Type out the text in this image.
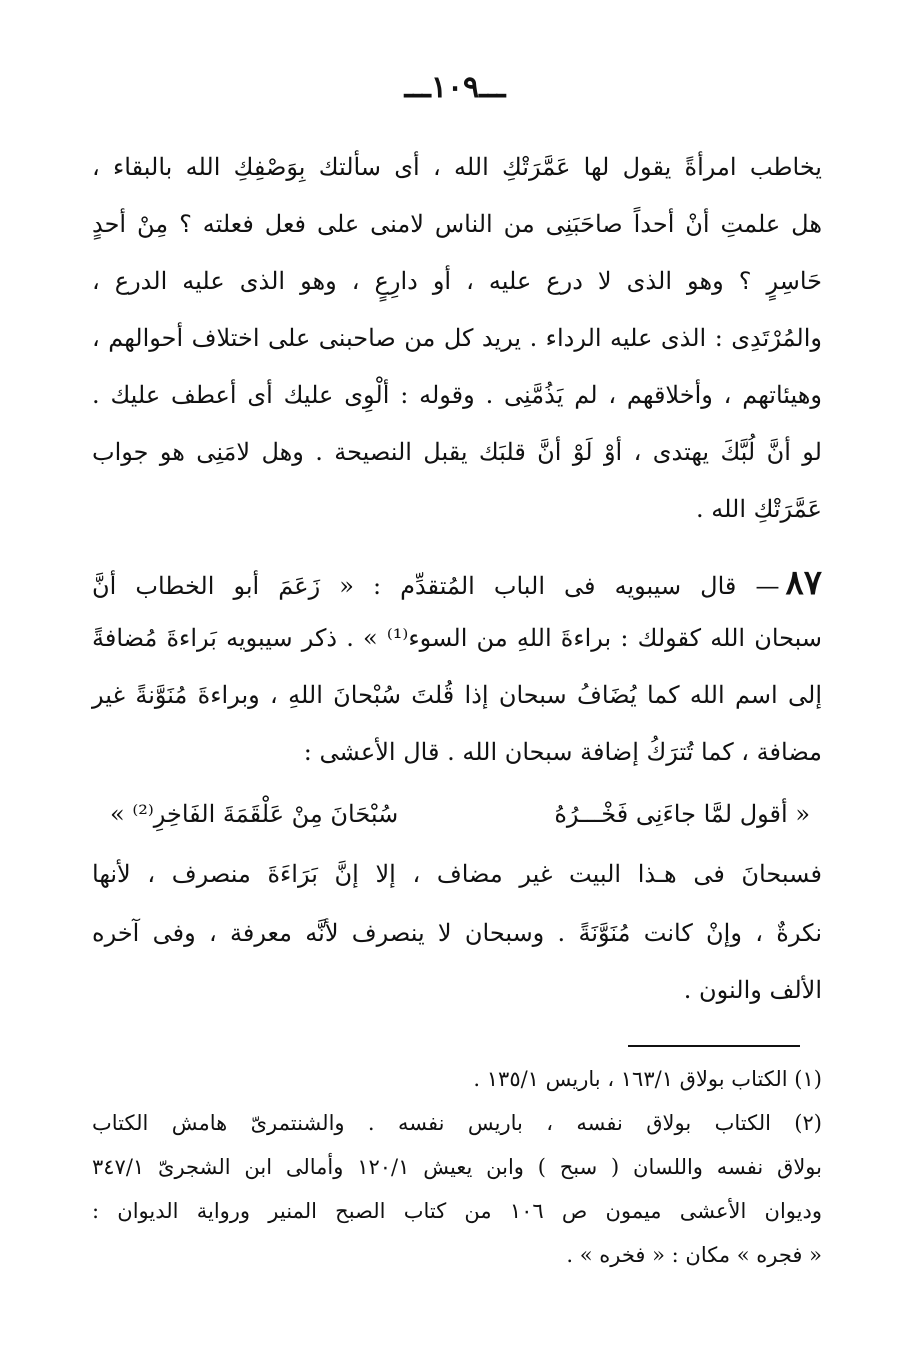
ـــ١٠٩ـــ
يخاطب امرأةً يقول لها عَمَّرَتْكِ الله ، أى سألتك بِوَصْفِكِ الله بالبقاء ،
هل علمتِ أنْ أحداً صاحَبَنِى من الناس لامنى على فعل فعلته ؟ مِنْ أحدٍ
حَاسِرٍ ؟ وهو الذى لا درع عليه ، أو دارِعٍ ، وهو الذى عليه الدرع ،
والمُرْتَدِى : الذى عليه الرداء . يريد كل من صاحبنى على اختلاف أحوالهم ،
وهيئاتهم ، وأخلاقهم ، لم يَذُمَّنِى . وقوله : ألْوِى عليك أى أعطف عليك .
لو أنَّ لُبَّكَ يهتدى ، أوْ لَوْ أنَّ قلبَك يقبل النصيحة . وهل لامَنِى هو جواب
عَمَّرَتْكِ الله .
٨٧— قال سيبويه فى الباب المُتقدِّم : « زَعَمَ أبو الخطاب أنَّ
سبحان الله كقولك : براءةَ اللهِ من السوء⁽¹⁾ » . ذكر سيبويه بَراءةَ مُضافةً
إلى اسم الله كما يُضَافُ سبحان إذا قُلتَ سُبْحانَ اللهِ ، وبراءةَ مُنَوَّنةً غير
مضافة ، كما تُترَكُ إضافة سبحان الله . قال الأعشى :
« أقول لمَّا جاءَنِى فَخْـــرُهُ
سُبْحَانَ مِنْ عَلْقَمَةَ الفَاخِرِ⁽²⁾ »
فسبحانَ فى هـذا البيت غير مضاف ، إلا إنَّ بَرَاءَةَ منصرف ، لأنها
نكرةٌ ، وإنْ كانت مُنَوَّنَةً . وسبحان لا ينصرف لأنَّه معرفة ، وفى آخره
الألف والنون .
(١) الكتاب بولاق ١٦٣/١ ، باريس ١٣٥/١ .
(٢) الكتاب بولاق نفسه ، باريس نفسه . والشنتمرىّ هامش الكتاب
بولاق نفسه واللسان ( سبح ) وابن يعيش ١٢٠/١ وأمالى ابن الشجرىّ ٣٤٧/١
وديوان الأعشى ميمون ص ١٠٦ من كتاب الصبح المنير ورواية الديوان :
« فجره » مكان : « فخره » .
